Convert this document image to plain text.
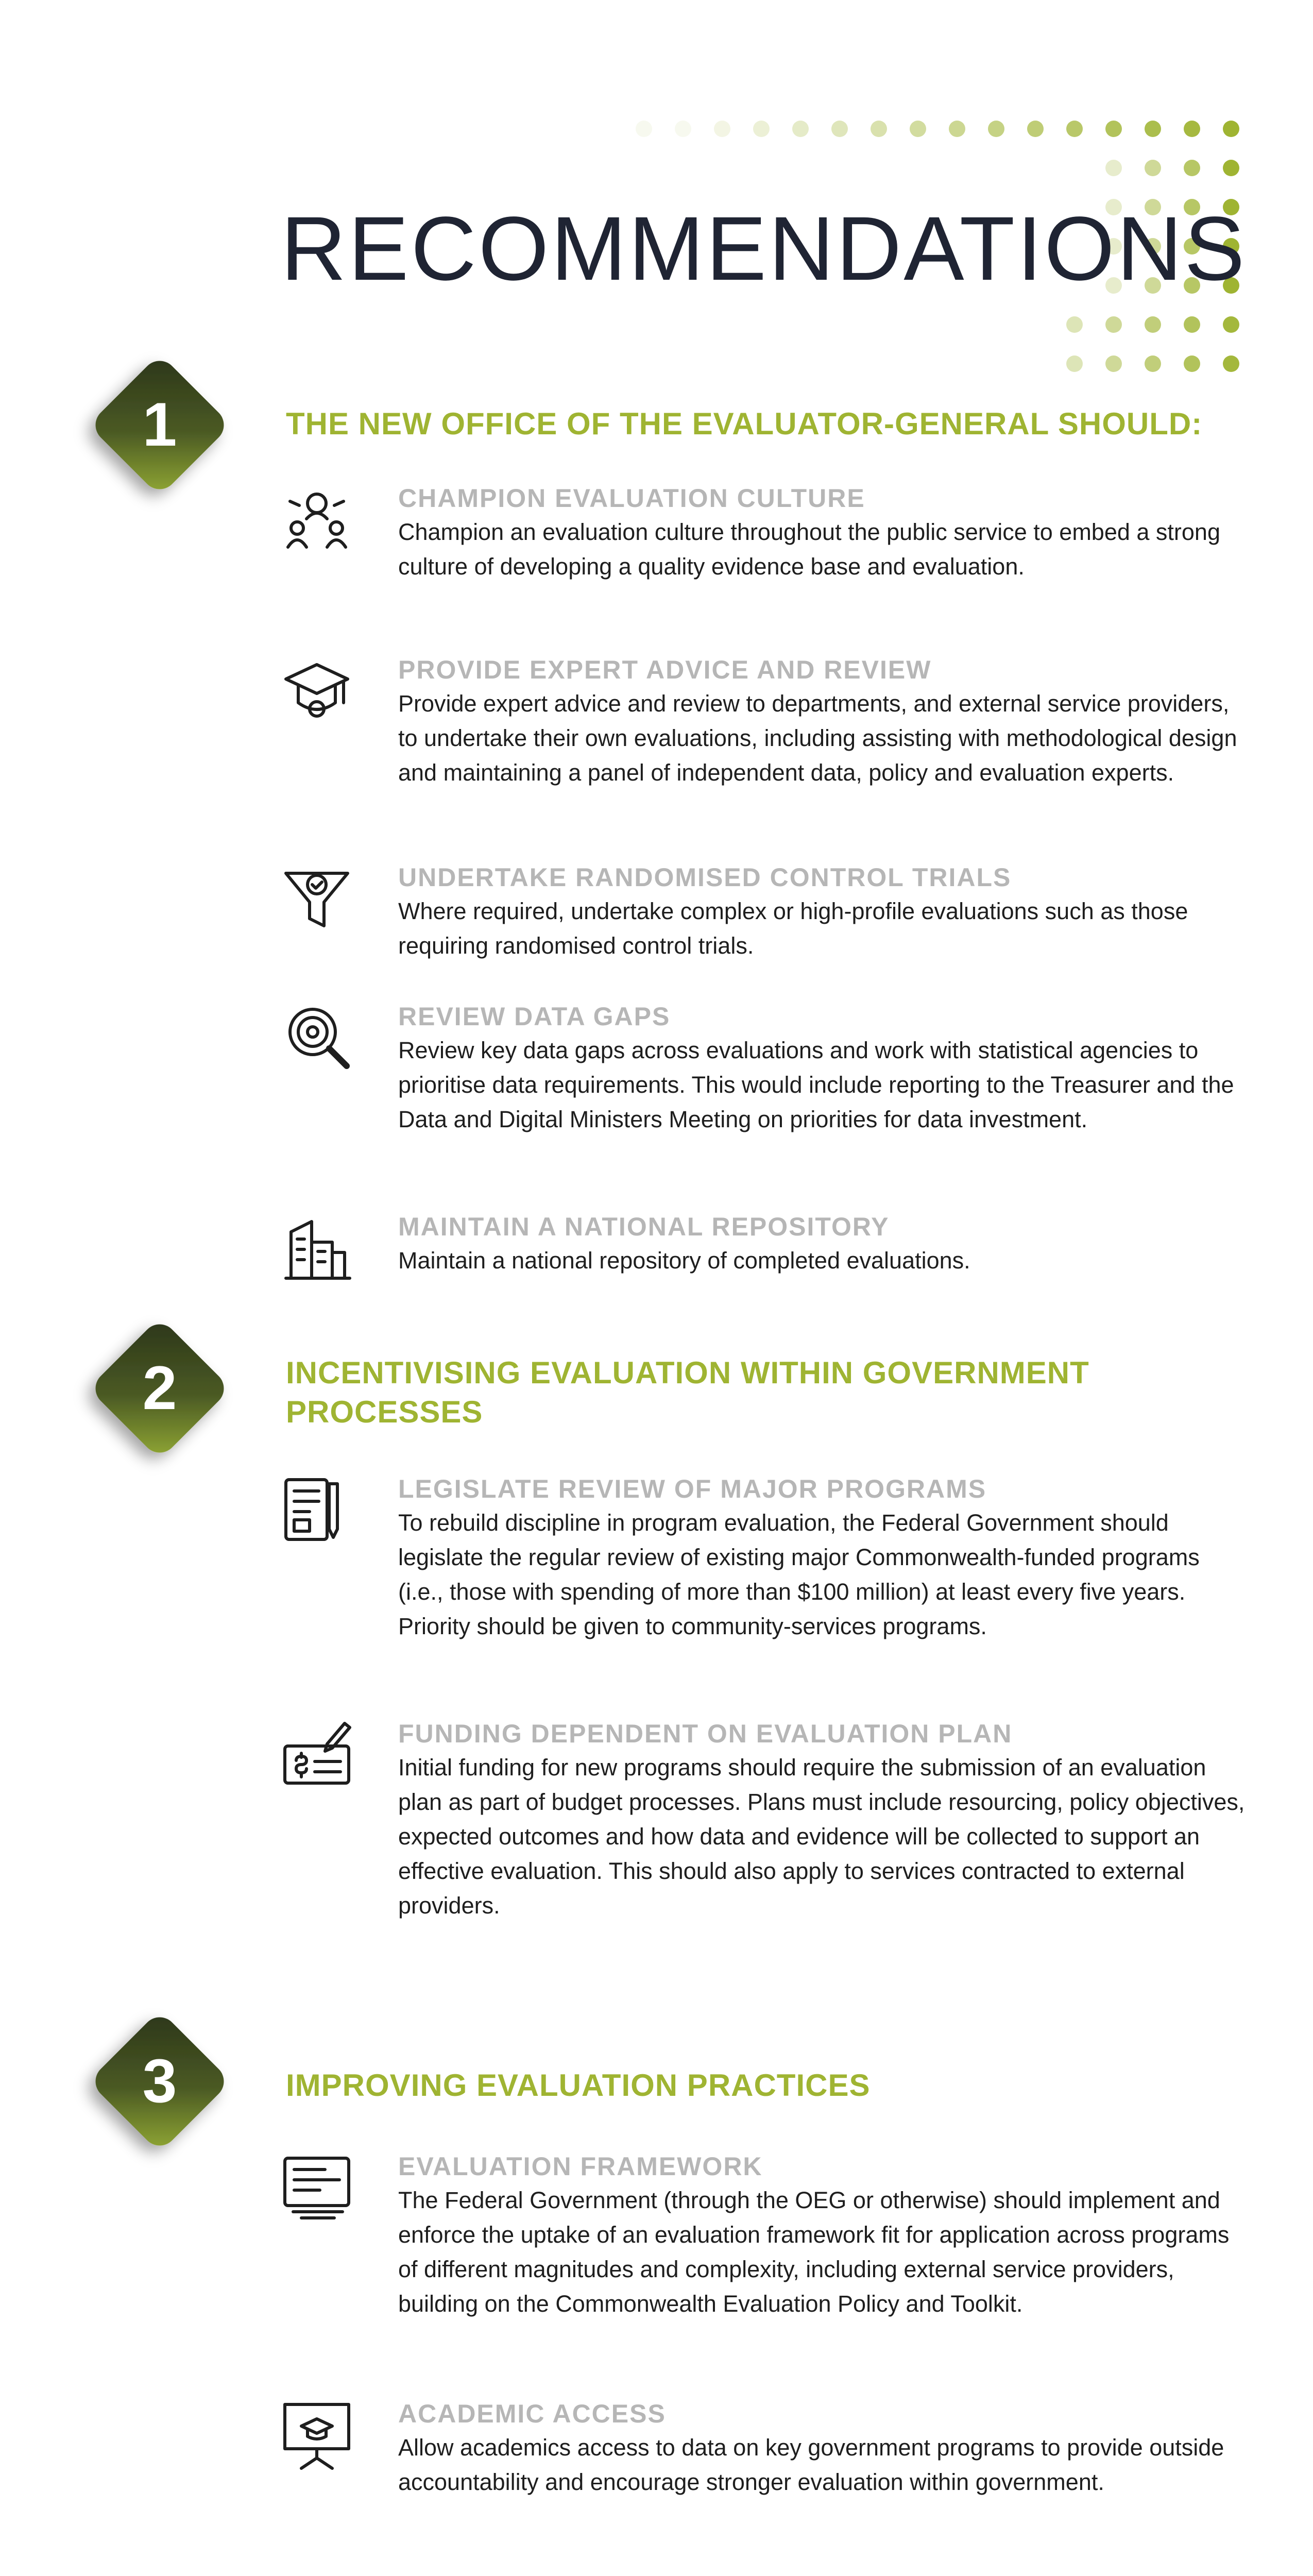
RECOMMENDATIONS
1	THE NEW OFFICE OF THE EVALUATOR-GENERAL SHOULD:
CHAMPION EVALUATION CULTURE

Champion an evaluation culture throughout the public service to embed a strong culture of developing a quality evidence base and evaluation.

PROVIDE EXPERT ADVICE AND REVIEW

Provide expert advice and review to departments, and external service providers, to undertake their own evaluations, including assisting with methodological design and maintaining a panel of independent data, policy and evaluation experts.

UNDERTAKE RANDOMISED CONTROL TRIALS

Where required, undertake complex or high-profile evaluations such as those requiring randomised control trials.

REVIEW DATA GAPS

Review key data gaps across evaluations and work with statistical agencies to prioritise data requirements. This would include reporting to the Treasurer and the Data and Digital Ministers Meeting on priorities for data investment.

MAINTAIN A NATIONAL REPOSITORY

Maintain a national repository of completed evaluations.

2	INCENTIVISING EVALUATION WITHIN GOVERNMENT PROCESSES
LEGISLATE REVIEW OF MAJOR PROGRAMS

To rebuild discipline in program evaluation, the Federal Government should legislate the regular review of existing major Commonwealth-funded programs (i.e., those with spending of more than $100 million) at least every five years. Priority should be given to community-services programs.

FUNDING DEPENDENT ON EVALUATION PLAN

Initial funding for new programs should require the submission of an evaluation plan as part of budget processes. Plans must include resourcing, policy objectives, expected outcomes and how data and evidence will be collected to support an effective evaluation. This should also apply to services contracted to external providers.

3	IMPROVING EVALUATION PRACTICES
EVALUATION FRAMEWORK

The Federal Government (through the OEG or otherwise) should implement and enforce the uptake of an evaluation framework fit for application across programs of different magnitudes and complexity, including external service providers, building on the Commonwealth Evaluation Policy and Toolkit.

ACADEMIC ACCESS

Allow academics access to data on key government programs to provide outside accountability and encourage stronger evaluation within government.
